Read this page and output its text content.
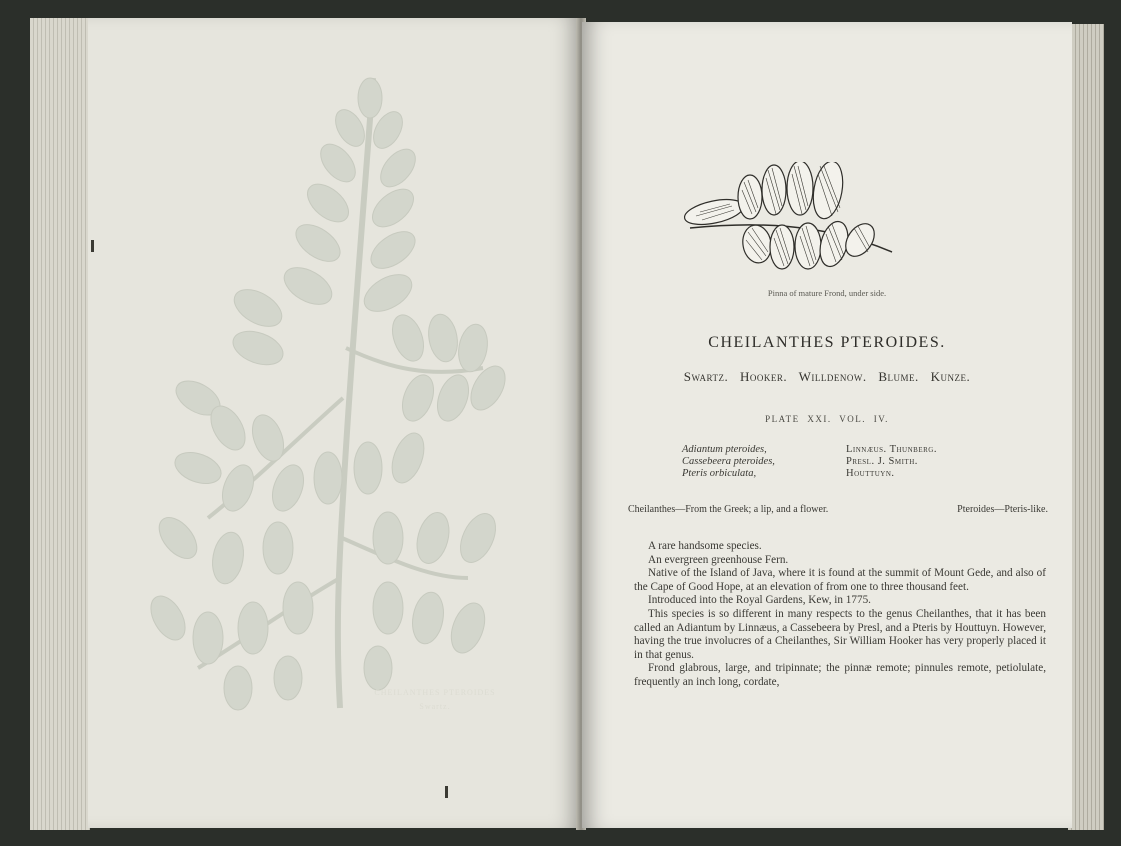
CHEILANTHES PTEROIDES
Swartz.
Pinna of mature Frond, under side.
CHEILANTHES PTEROIDES.
Swartz. Hooker. Willdenow. Blume. Kunze.
PLATE XXI. VOL. IV.
Adiantum pteroides,
Cassebeera pteroides,
Pteris orbiculata,
Linnæus. Thunberg.
Presl. J. Smith.
Houttuyn.
Cheilanthes—From the Greek; a lip, and a flower.	Pteroides—Pteris-like.

A rare handsome species.

An evergreen greenhouse Fern.

Native of the Island of Java, where it is found at the summit of Mount Gede, and also of the Cape of Good Hope, at an elevation of from one to three thousand feet.

Introduced into the Royal Gardens, Kew, in 1775.

This species is so different in many respects to the genus Cheilanthes, that it has been called an Adiantum by Linnæus, a Cassebeera by Presl, and a Pteris by Houttuyn. However, having the true involucres of a Cheilanthes, Sir William Hooker has very properly placed it in that genus.

Frond glabrous, large, and tripinnate; the pinnæ remote; pinnules remote, petiolulate, frequently an inch long, cordate,
